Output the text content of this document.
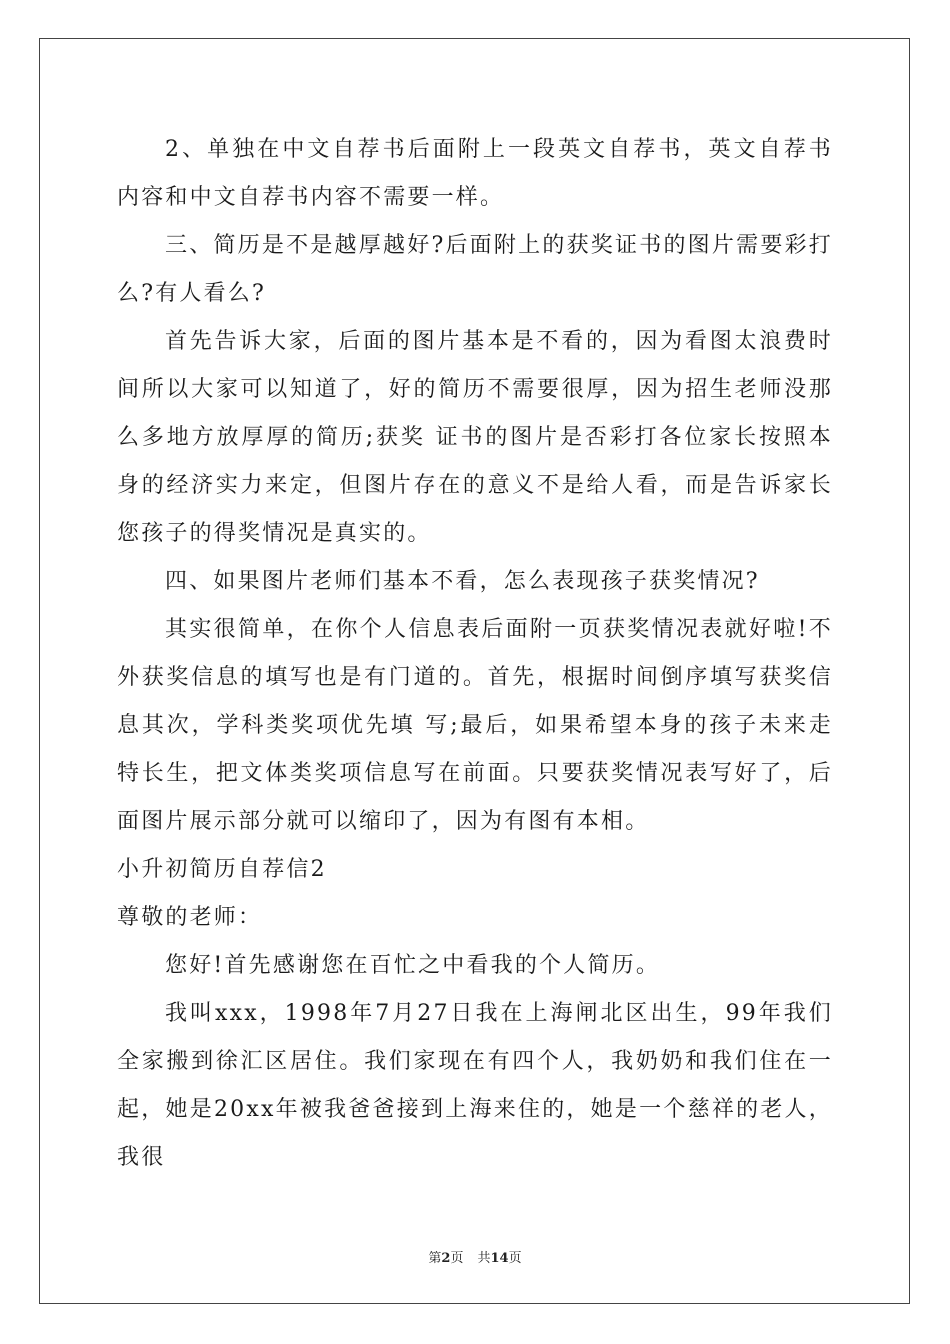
2、单独在中文自荐书后面附上一段英文自荐书，英文自荐书内容和中文自荐书内容不需要一样。

三、简历是不是越厚越好?后面附上的获奖证书的图片需要彩打么?有人看么?

首先告诉大家，后面的图片基本是不看的，因为看图太浪费时间所以大家可以知道了，好的简历不需要很厚，因为招生老师没那么多地方放厚厚的简历;获奖 证书的图片是否彩打各位家长按照本身的经济实力来定，但图片存在的意义不是给人看，而是告诉家长您孩子的得奖情况是真实的。

四、如果图片老师们基本不看，怎么表现孩子获奖情况?

其实很简单，在你个人信息表后面附一页获奖情况表就好啦!不外获奖信息的填写也是有门道的。首先，根据时间倒序填写获奖信息其次，学科类奖项优先填 写;最后，如果希望本身的孩子未来走特长生，把文体类奖项信息写在前面。只要获奖情况表写好了，后面图片展示部分就可以缩印了，因为有图有本相。

小升初简历自荐信2

尊敬的老师：

您好!首先感谢您在百忙之中看我的个人简历。

我叫xxx，1998年7月27日我在上海闸北区出生，99年我们全家搬到徐汇区居住。我们家现在有四个人，我奶奶和我们住在一起，她是20xx年被我爸爸接到上海来住的，她是一个慈祥的老人，我很

第2页 共14页
